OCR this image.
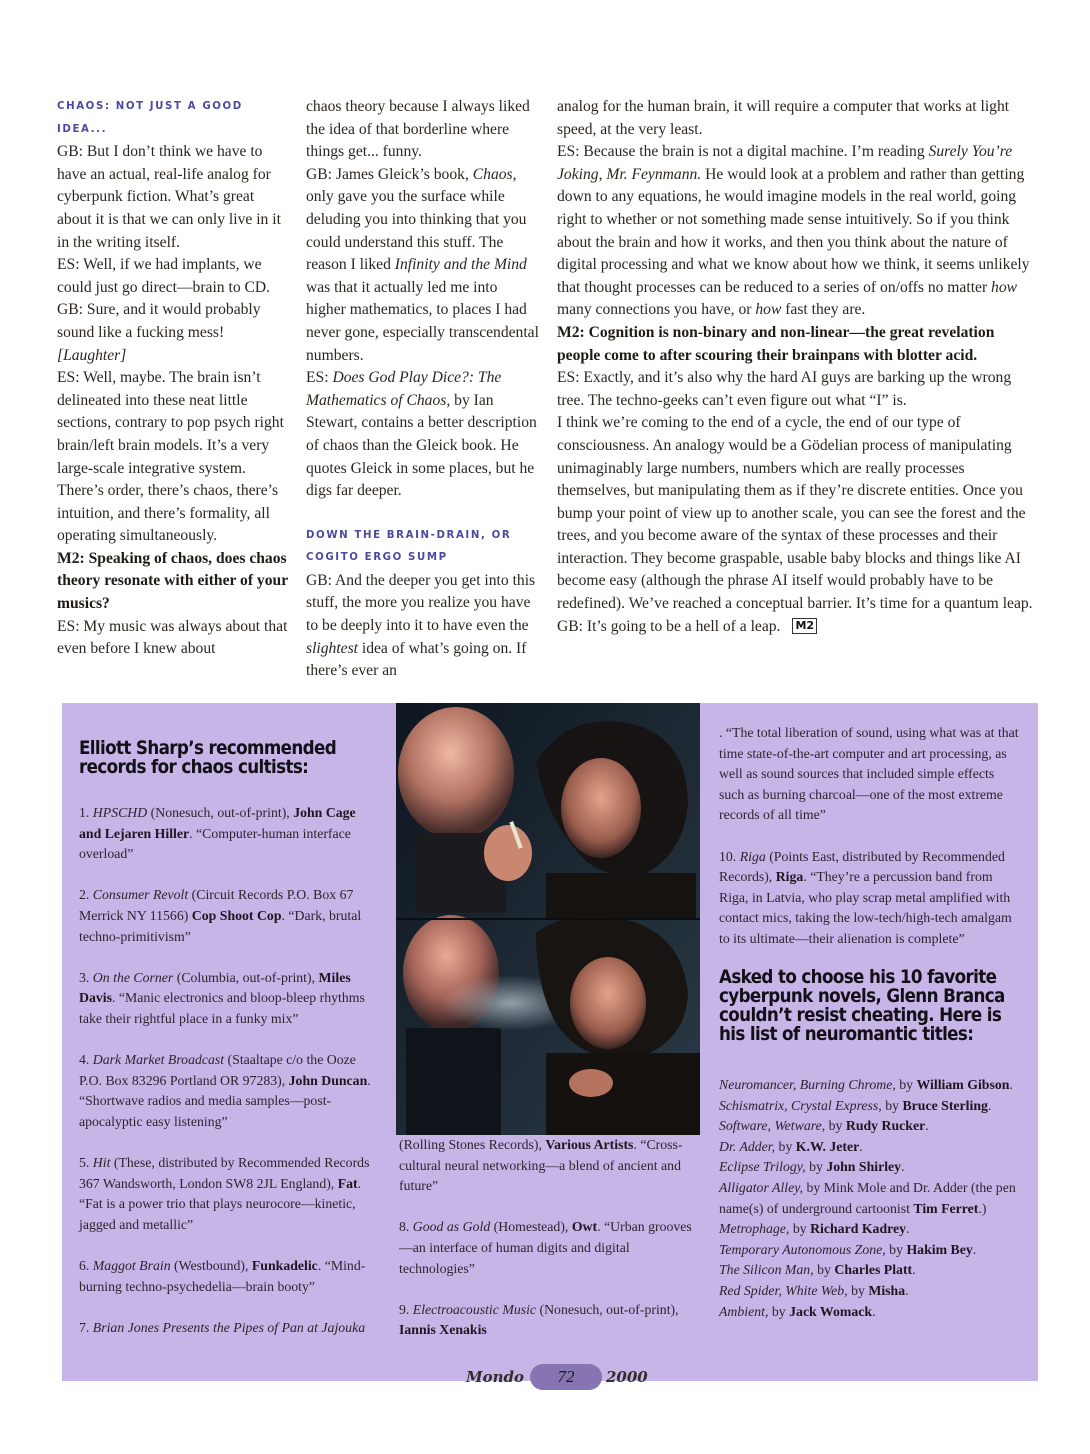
CHAOS: NOT JUST A GOOD IDEA...

GB: But I don’t think we have to have an actual, real-life analog for cyberpunk fiction. What’s great about it is that we can only live in it in the writing itself.

ES: Well, if we had implants, we could just go direct—brain to CD.

GB: Sure, and it would probably sound like a fucking mess!
[Laughter]

ES: Well, maybe. The brain isn’t delineated into these neat little sections, contrary to pop psych right brain/left brain models. It’s a very large-scale integrative system. There’s order, there’s chaos, there’s intuition, and there’s formality, all operating simultaneously.

M2: Speaking of chaos, does chaos theory resonate with either of your musics?

ES: My music was always about that even before I knew about

chaos theory because I always liked the idea of that borderline where things get... funny.

GB: James Gleick’s book, Chaos, only gave you the surface while deluding you into thinking that you could understand this stuff. The reason I liked Infinity and the Mind was that it actually led me into higher mathematics, to places I had never gone, especially transcendental numbers.

ES: Does God Play Dice?: The Mathematics of Chaos, by Ian Stewart, contains a better description of chaos than the Gleick book. He quotes Gleick in some places, but he digs far deeper.

DOWN THE BRAIN-DRAIN, OR COGITO ERGO SUMP

GB: And the deeper you get into this stuff, the more you realize you have to be deeply into it to have even the slightest idea of what’s going on. If there’s ever an

analog for the human brain, it will require a computer that works at light speed, at the very least.

ES: Because the brain is not a digital machine. I’m reading Surely You’re Joking, Mr. Feynmann. He would look at a problem and rather than getting down to any equations, he would imagine models in the real world, going right to whether or not something made sense intuitively. So if you think about the brain and how it works, and then you think about the nature of digital processing and what we know about how we think, it seems unlikely that thought processes can be reduced to a series of on/offs no matter how many connections you have, or how fast they are.

M2: Cognition is non-binary and non-linear—the great revelation people come to after scouring their brainpans with blotter acid.

ES: Exactly, and it’s also why the hard AI guys are barking up the wrong tree. The techno-geeks can’t even figure out what “I” is.

I think we’re coming to the end of a cycle, the end of our type of consciousness. An analogy would be a Gödelian process of manipulating unimaginably large numbers, numbers which are really processes themselves, but manipulating them as if they’re discrete entities. Once you bump your point of view up to another scale, you can see the forest and the trees, and you become aware of the syntax of these processes and their interaction. They become graspable, usable baby blocks and things like AI become easy (although the phrase AI itself would probably have to be redefined). We’ve reached a conceptual barrier. It’s time for a quantum leap.

GB: It’s going to be a hell of a leap. M2

Elliott Sharp’s recommended records for chaos cultists:

1. HPSCHD (Nonesuch, out-of-print), John Cage and Lejaren Hiller. “Computer-human interface overload”

2. Consumer Revolt (Circuit Records P.O. Box 67 Merrick NY 11566) Cop Shoot Cop. “Dark, brutal techno-primitivism”

3. On the Corner (Columbia, out-of-print), Miles Davis. “Manic electronics and bloop-bleep rhythms take their rightful place in a funky mix”

4. Dark Market Broadcast (Staaltape c/o the Ooze P.O. Box 83296 Portland OR 97283), John Duncan. “Shortwave radios and media samples—post-apocalyptic easy listening”

5. Hit (These, distributed by Recommended Records 367 Wandsworth, London SW8 2JL England), Fat. “Fat is a power trio that plays neurocore—kinetic, jagged and metallic”

6. Maggot Brain (Westbound), Funkadelic. “Mind-burning techno-psychedelia—brain booty”

7. Brian Jones Presents the Pipes of Pan at Jajouka

(Rolling Stones Records), Various Artists. “Cross-cultural neural networking—a blend of ancient and future”

8. Good as Gold (Homestead), Owt. “Urban grooves—an interface of human digits and digital technologies”

9. Electroacoustic Music (Nonesuch, out-of-print), Iannis Xenakis

. “The total liberation of sound, using what was at that time state-of-the-art computer and art processing, as well as sound sources that included simple effects such as burning charcoal—one of the most extreme records of all time”

10. Riga (Points East, distributed by Recommended Records), Riga. “They’re a percussion band from Riga, in Latvia, who play scrap metal amplified with contact mics, taking the low-tech/high-tech amalgam to its ultimate—their alienation is complete”

Asked to choose his 10 favorite cyberpunk novels, Glenn Branca couldn’t resist cheating. Here is his list of neuromantic titles:

Neuromancer, Burning Chrome, by William Gibson.

Schismatrix, Crystal Express, by Bruce Sterling.

Software, Wetware, by Rudy Rucker.

Dr. Adder, by K.W. Jeter.

Eclipse Trilogy, by John Shirley.

Alligator Alley, by Mink Mole and Dr. Adder (the pen name(s) of underground cartoonist Tim Ferret.)

Metrophage, by Richard Kadrey.

Temporary Autonomous Zone, by Hakim Bey.

The Silicon Man, by Charles Platt.

Red Spider, White Web, by Misha.

Ambient, by Jack Womack.

Mondo	72	2000
